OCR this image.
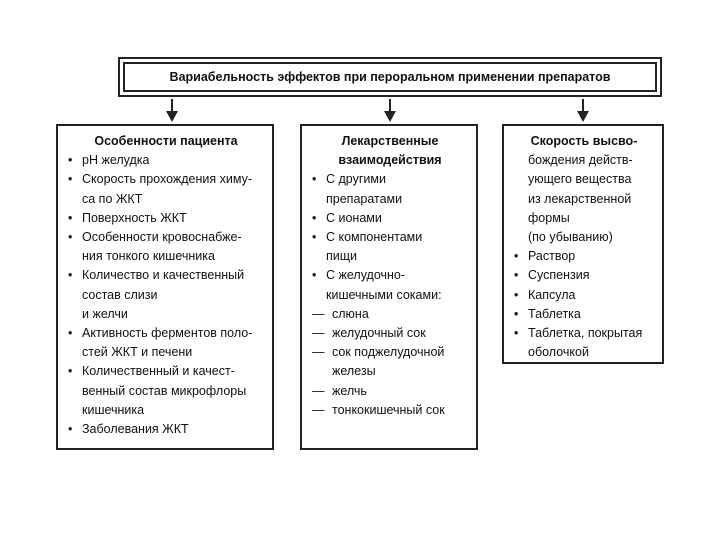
Вариабельность эффектов при пероральном применении препаратов
Особенности пациента
• pH желудка
• Скорость прохождения химу-
са по ЖКТ
• Поверхность ЖКТ
• Особенности кровоснабже-
ния тонкого кишечника
• Количество и качественный
состав слизи
и желчи
• Активность ферментов поло-
стей ЖКТ и печени
• Количественный и качест-
венный состав микрофлоры
кишечника
• Заболевания ЖКТ
Лекарственные
взаимодействия
• С другими
препаратами
• С ионами
• С компонентами
пищи
• С желудочно-
кишечными соками:
— слюна
— желудочный сок
— сок поджелудочной
железы
— желчь
— тонкокишечный сок
Скорость высво-
бождения действ-
ующего вещества
из лекарственной
формы
(по убыванию)
• Раствор
• Суспензия
• Капсула
• Таблетка
• Таблетка, покрытая
оболочкой
